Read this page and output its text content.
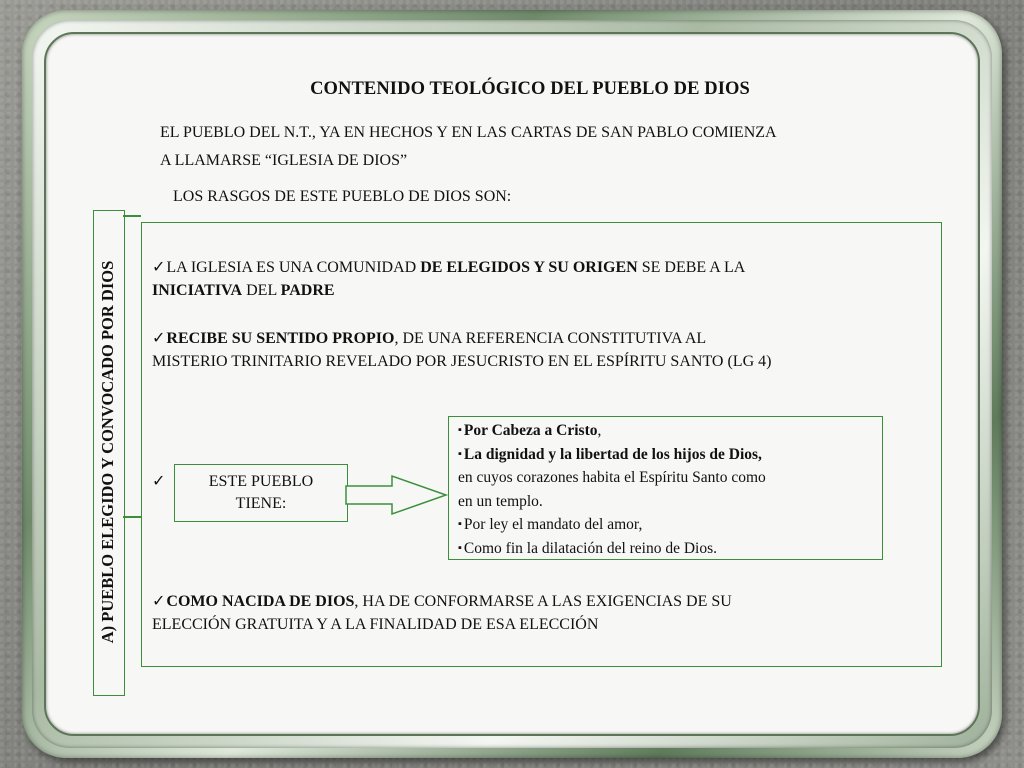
CONTENIDO TEOLÓGICO DEL PUEBLO DE DIOS
EL PUEBLO DEL N.T., YA EN HECHOS Y EN LAS CARTAS DE SAN PABLO COMIENZA
A LLAMARSE “IGLESIA DE DIOS”
LOS RASGOS DE ESTE PUEBLO DE DIOS SON:
A) PUEBLO ELEGIDO Y CONVOCADO POR DIOS	✓LA IGLESIA ES UNA COMUNIDAD DE ELEGIDOS Y SU ORIGEN SE DEBE A LA
INICIATIVA DEL PADRE
✓RECIBE SU SENTIDO PROPIO, DE UNA REFERENCIA CONSTITUTIVA AL
MISTERIO TRINITARIO REVELADO POR JESUCRISTO EN EL ESPÍRITU SANTO (LG 4)
✓	ESTE PUEBLO TIENE:
▪ Por Cabeza a Cristo,
▪ La dignidad y la libertad de los hijos de Dios,
en cuyos corazones habita el Espíritu Santo como
en un templo.
▪ Por ley el mandato del amor,
▪ Como fin la dilatación del reino de Dios.
✓COMO NACIDA DE DIOS, HA DE CONFORMARSE A LAS EXIGENCIAS DE SU
ELECCIÓN GRATUITA Y A LA FINALIDAD DE ESA ELECCIÓN
